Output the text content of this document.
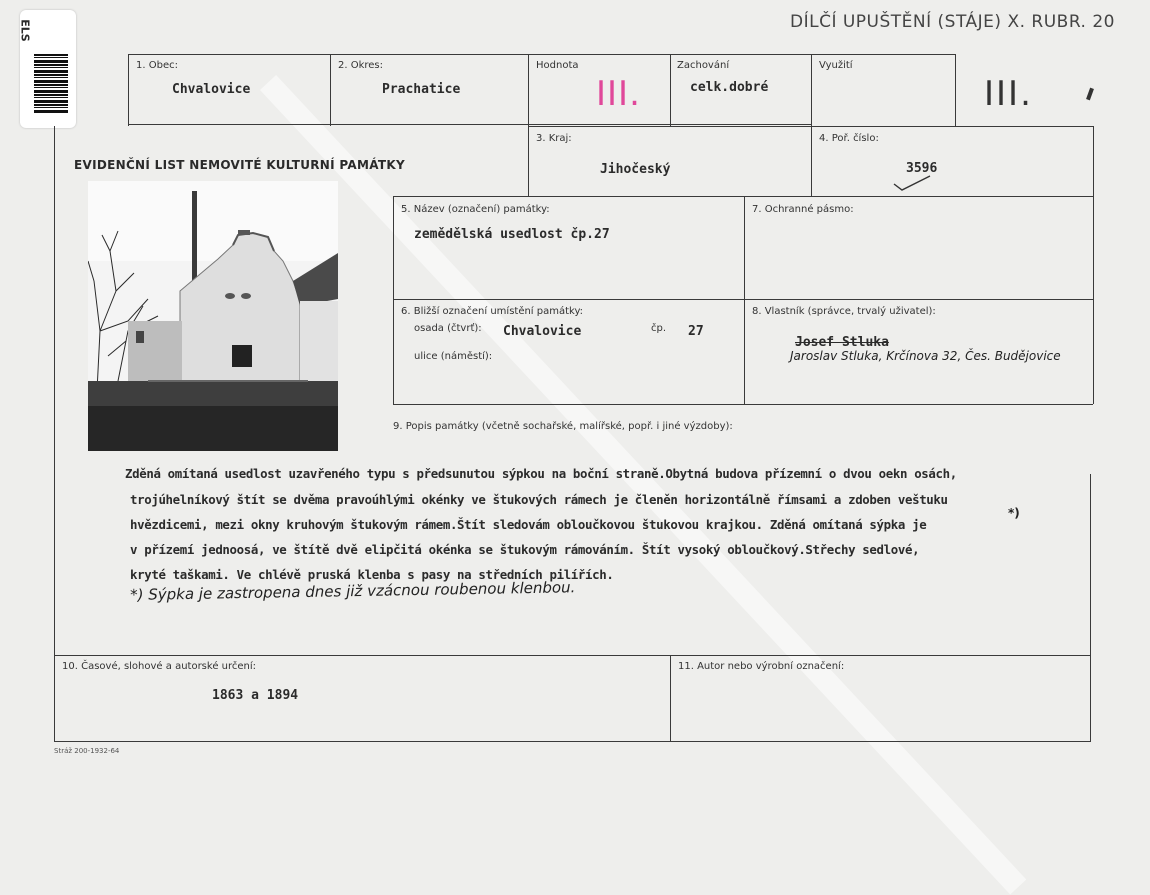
DÍLČÍ UPUŠTĚNÍ (STÁJE) X. RUBR. 20
ELS
1. Obec:
Chvalovice
2. Okres:
Prachatice
Hodnota
III.
Zachování
celk.dobré
Využití
III.
EVIDENČNÍ LIST NEMOVITÉ KULTURNÍ PAMÁTKY
3. Kraj:
Jihočeský
4. Poř. číslo:
3596
5. Název (označení) památky:
zemědělská usedlost čp.27
7. Ochranné pásmo:
6. Bližší označení umístění památky:
osada (čtvrť): Chvalovice	čp. 27
ulice (náměstí):
8. Vlastník (správce, trvalý uživatel):
Josef Stluka
Jaroslav Stluka, Krčínova 32, Čes. Budějovice
9. Popis památky (včetně sochařské, malířské, popř. i jiné výzdoby):
Zděná omítaná usedlost uzavřeného typu s předsunutou sýpkou na boční straně.Obytná budova přízemní o dvou oekn osách,
trojúhelníkový štít se dvěma pravoúhlými okénky ve štukových rámech je členěn horizontálně římsami a zdoben veštuku
hvězdicemi, mezi okny kruhovým štukovým rámem.Štít sledovám obloučkovou štukovou krajkou. Zděná omítaná sýpka je
v přízemí jednoosá, ve štítě dvě elipčitá okénka se štukovým rámováním. Štít vysoký obloučkový.Střechy sedlové,
kryté taškami. Ve chlévě pruská klenba s pasy na středních pilířích.
*)
*) Sýpka je zastropena dnes již vzácnou roubenou klenbou.
10. Časové, slohové a autorské určení:
1863 a 1894
11. Autor nebo výrobní označení:
Stráž 200-1932-64
